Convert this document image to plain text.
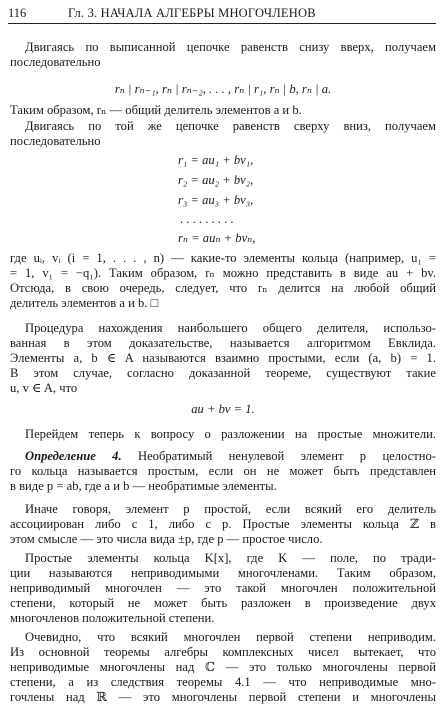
116	Гл. 3. НАЧАЛА АЛГЕБРЫ МНОГОЧЛЕНОВ
Двигаясь по выписанной цепочке равенств снизу вверх, получаем
последовательно
rₙ | rₙ₋₁, rₙ | rₙ₋₂, . . . , rₙ | r₁, rₙ | b, rₙ | a.
Таким образом, rₙ — общий делитель элементов a и b.
Двигаясь по той же цепочке равенств сверху вниз, получаем
последовательно
r₁ = au₁ + bv₁,
r₂ = au₂ + bv₂,
r₃ = au₃ + bv₃,
. . . . . . . . .
rₙ = auₙ + bvₙ,
где uᵢ, vᵢ (i = 1, . . . , n) — какие-то элементы кольца (например, u₁ =
= 1, v₁ = −q₁). Таким образом, rₙ можно представить в виде au + bv.
Отсюда, в свою очередь, следует, что rₙ делится на любой общий
делитель элементов a и b. □
Процедура нахождения наибольшего общего делителя, использо-
ванная в этом доказательстве, называется алгоритмом Евклида.
Элементы a, b ∈ A называются взаимно простыми, если (a, b) = 1.
В этом случае, согласно доказанной теореме, существуют такие
u, v ∈ A, что
au + bv = 1.
Перейдем теперь к вопросу о разложении на простые множители.
Определение 4. Необратимый ненулевой элемент p целостно-
го кольца называется простым, если он не может быть представлен
в виде p = ab, где a и b — необратимые элементы.
Иначе говоря, элемент p простой, если всякий его делитель
ассоциирован либо с 1, либо с p. Простые элементы кольца ℤ в
этом смысле — это числа вида ±p, где p — простое число.
Простые элементы кольца K[x], где K — поле, по тради-
ции называются неприводимыми многочленами. Таким образом,
неприводимый многочлен — это такой многочлен положительной
степени, который не может быть разложен в произведение двух
многочленов положительной степени.
Очевидно, что всякий многочлен первой степени неприводим.
Из основной теоремы алгебры комплексных чисел вытекает, что
неприводимые многочлены над ℂ — это только многочлены первой
степени, а из следствия теоремы 4.1 — что неприводимые мно-
гочлены над ℝ — это многочлены первой степени и многочлены
